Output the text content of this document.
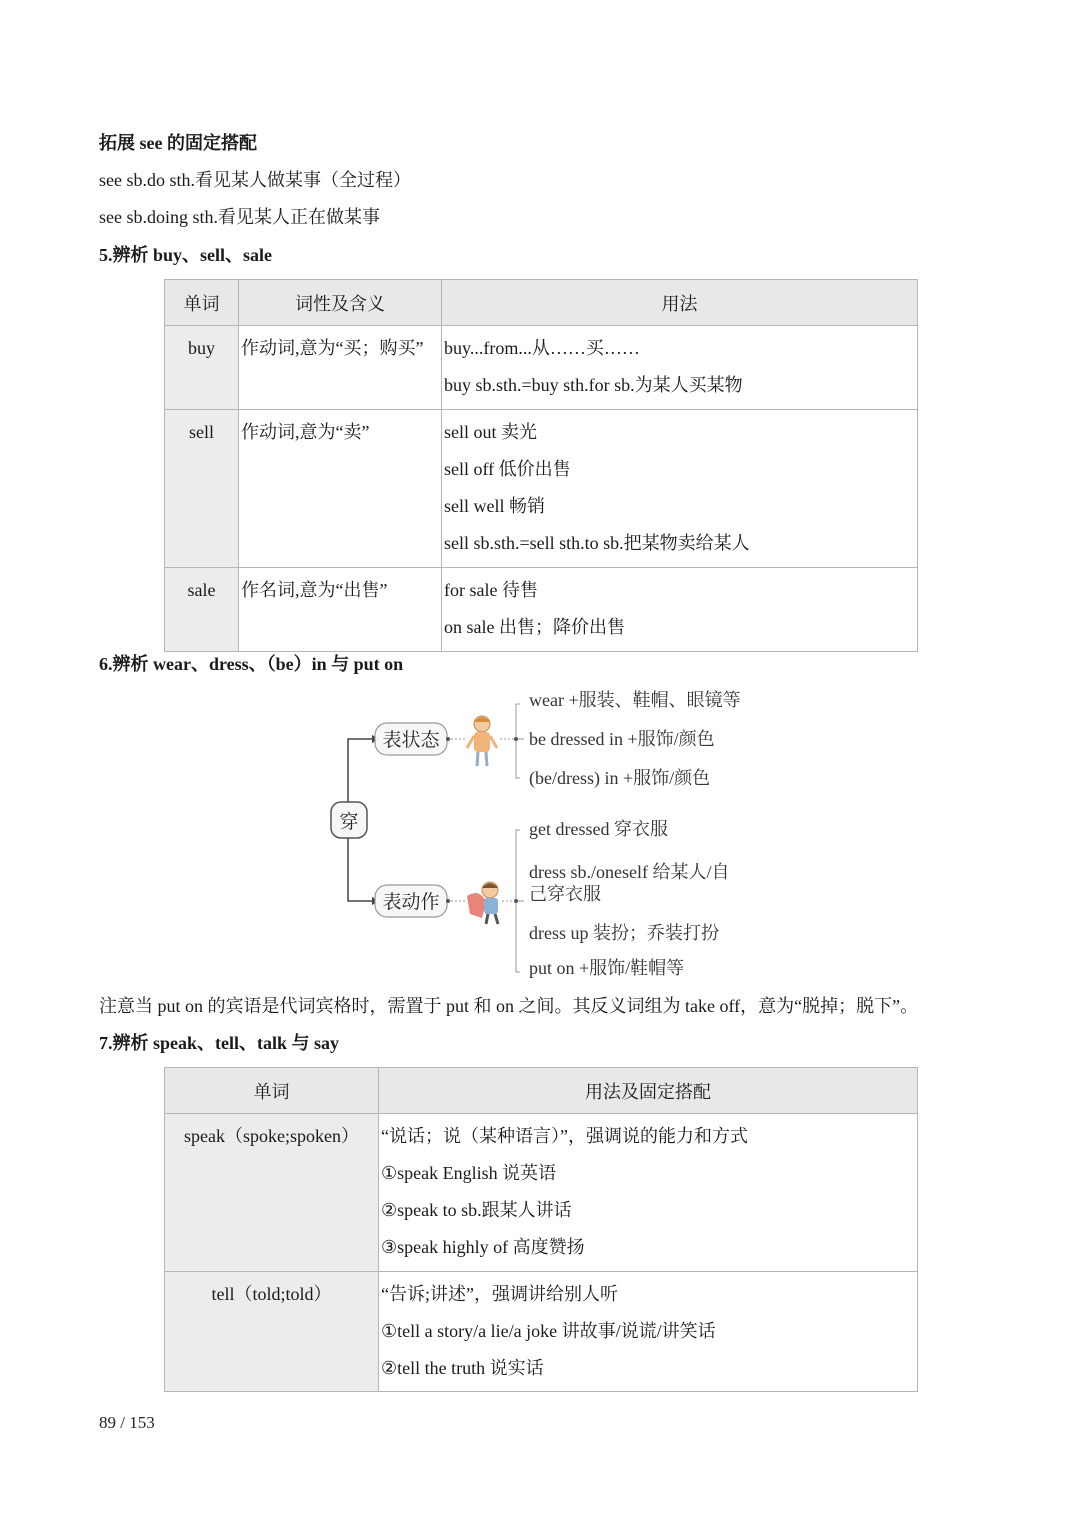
拓展 see 的固定搭配
see sb.do sth.看见某人做某事（全过程）
see sb.doing sth.看见某人正在做某事
5.辨析 buy、sell、sale
单词	词性及含义	用法

buy	作动词,意为“买；购买”	buy...from...从……买……
buy sb.sth.=buy sth.for sb.为某人买某物

sell	作动词,意为“卖”	sell out 卖光
sell off 低价出售
sell well 畅销
sell sb.sth.=sell sth.to sb.把某物卖给某人

sale	作名词,意为“出售”	for sale 待售
on sale 出售；降价出售
6.辨析 wear、dress、（be）in 与 put on
穿
表状态
表动作
wear +服装、鞋帽、眼镜等
be dressed in +服饰/颜色
(be/dress) in +服饰/颜色
get dressed 穿衣服
dress sb./oneself 给某人/自
己穿衣服
dress up 装扮；乔装打扮
put on +服饰/鞋帽等
注意当 put on 的宾语是代词宾格时，需置于 put 和 on 之间。其反义词组为 take off，意为“脱掉；脱下”。
7.辨析 speak、tell、talk 与 say
单词	用法及固定搭配

speak（spoke;spoken）	“说话；说（某种语言）”，强调说的能力和方式
①speak English 说英语
②speak to sb.跟某人讲话
③speak highly of 高度赞扬

tell（told;told）	“告诉;讲述”，强调讲给别人听
①tell a story/a lie/a joke 讲故事/说谎/讲笑话
②tell the truth 说实话
89 / 153
